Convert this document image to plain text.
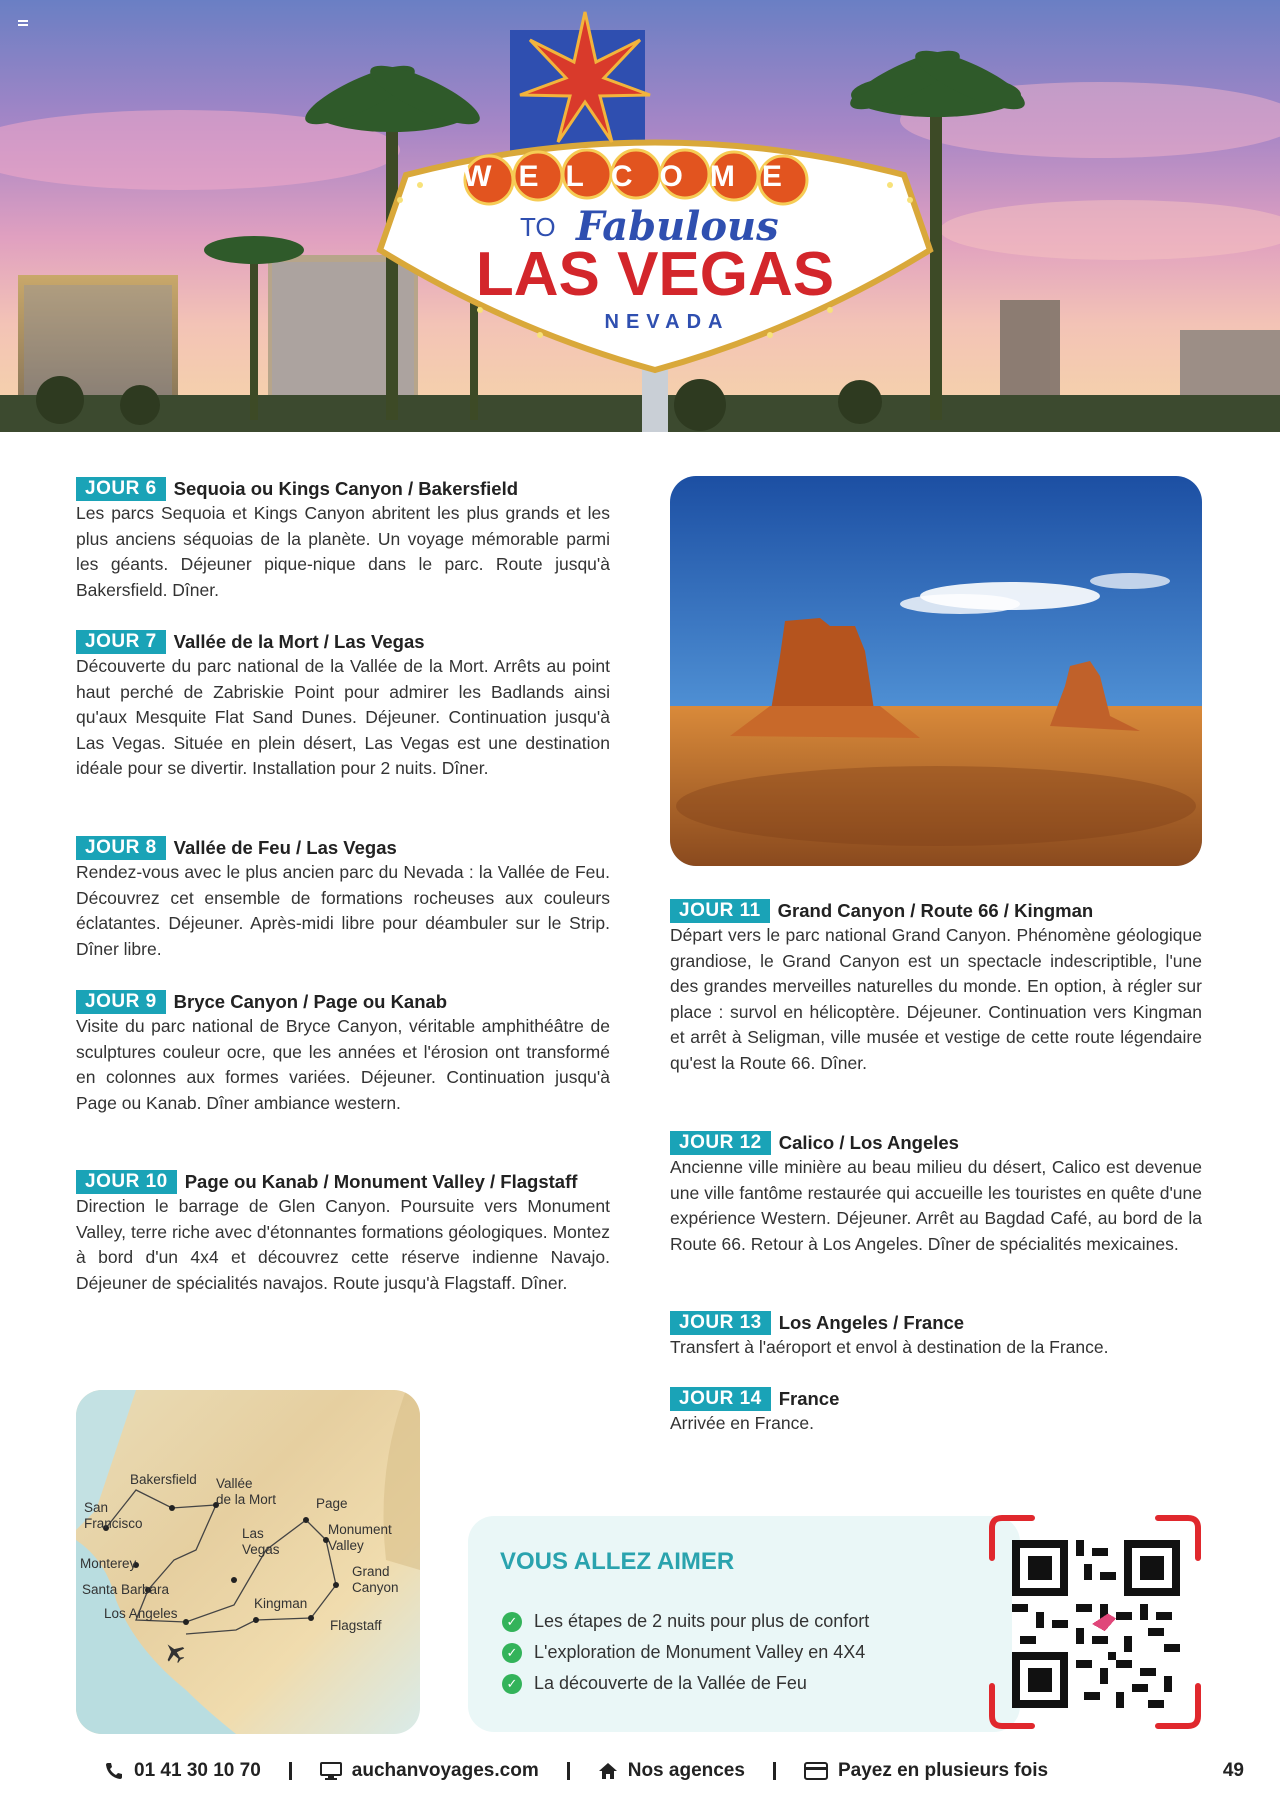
WELCOME
TO Fabulous
LAS VEGAS
NEVADA
JOUR 6 Sequoia ou Kings Canyon / Bakersfield

Les parcs Sequoia et Kings Canyon abritent les plus grands et les plus anciens séquoias de la planète. Un voyage mémorable parmi les géants. Déjeuner pique-nique dans le parc. Route jusqu'à Bakersfield. Dîner.

JOUR 7 Vallée de la Mort / Las Vegas

Découverte du parc national de la Vallée de la Mort. Arrêts au point haut perché de Zabriskie Point pour admirer les Badlands ainsi qu'aux Mesquite Flat Sand Dunes. Déjeuner. Continuation jusqu'à Las Vegas. Située en plein désert, Las Vegas est une destination idéale pour se divertir. Installation pour 2 nuits. Dîner.

JOUR 8 Vallée de Feu / Las Vegas

Rendez-vous avec le plus ancien parc du Nevada : la Vallée de Feu. Découvrez cet ensemble de formations rocheuses aux couleurs éclatantes. Déjeuner. Après-midi libre pour déambuler sur le Strip. Dîner libre.

JOUR 9 Bryce Canyon / Page ou Kanab

Visite du parc national de Bryce Canyon, véritable amphithéâtre de sculptures couleur ocre, que les années et l'érosion ont transformé en colonnes aux formes variées. Déjeuner. Continuation jusqu'à Page ou Kanab. Dîner ambiance western.

JOUR 10 Page ou Kanab / Monument Valley / Flagstaff

Direction le barrage de Glen Canyon. Poursuite vers Monument Valley, terre riche avec d'étonnantes formations géologiques. Montez à bord d'un 4x4 et découvrez cette réserve indienne Navajo. Déjeuner de spécialités navajos. Route jusqu'à Flagstaff. Dîner.

JOUR 11 Grand Canyon / Route 66 / Kingman

Départ vers le parc national Grand Canyon. Phénomène géologique grandiose, le Grand Canyon est un spectacle indescriptible, l'une des grandes merveilles naturelles du monde. En option, à régler sur place : survol en hélicoptère. Déjeuner. Continuation vers Kingman et arrêt à Seligman, ville musée et vestige de cette route légendaire qu'est la Route 66. Dîner.

JOUR 12 Calico / Los Angeles

Ancienne ville minière au beau milieu du désert, Calico est devenue une ville fantôme restaurée qui accueille les touristes en quête d'une expérience Western. Déjeuner. Arrêt au Bagdad Café, au bord de la Route 66. Retour à Los Angeles. Dîner de spécialités mexicaines.

JOUR 13 Los Angeles / France

Transfert à l'aéroport et envol à destination de la France.

JOUR 14 France

Arrivée en France.

Bakersfield Vallée
de la Mort	Page
San
Francisco
Las
Vegas
Monument
Valley
Monterey
Grand
Canyon
Santa Barbara
Kingman
Los Angeles
Flagstaff
VOUS ALLEZ AIMER
✓ Les étapes de 2 nuits pour plus de confort
✓ L'exploration de Monument Valley en 4X4
✓ La découverte de la Vallée de Feu
01 41 30 10 70	auchanvoyages.com	Nos agences	Payez en plusieurs fois	49
